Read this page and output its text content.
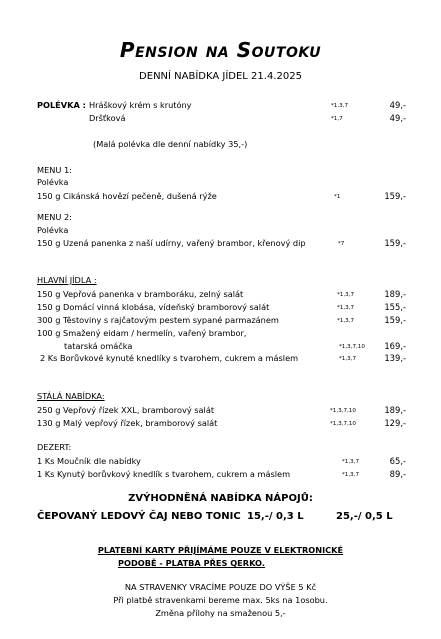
Pension na Soutoku
DENNÍ NABÍDKA JÍDEL 21.4.2025
POLÉVKA : Hráškový krém s krutóny	*1,3,7	49,-
Dršťková	*1,7	49,-
(Malá polévka dle denní nabídky 35,-)
MENU 1:
Polévka
150 g Cikánská hovězí pečeně, dušená rýže	*1	159,-
MENU 2:
Polévka
150 g Uzená panenka z naší udírny, vařený brambor, křenový dip	*7	159,-
HLAVNÍ JÍDLA :
150 g Vepřová panenka v bramboráku, zelný salát	*1,3,7	189,-
150 g Domácí vinná klobása, vídeňský bramborový salát	*1,3,7	155,-
300 g Těstoviny s rajčatovým pestem sypané parmazánem	*1,3,7	159,-
100 g Smažený eidam / hermelín, vařený brambor,
tatarská omáčka	*1,3,7,10	169,-
2 Ks Borůvkové kynuté knedlíky s tvarohem, cukrem a máslem	*1,3,7	139,-
STÁLÁ NABÍDKA:
250 g Vepřový řízek XXL, bramborový salát	*1,3,7,10	189,-
130 g Malý vepřový řízek, bramborový salát	*1,3,7,10	129,-
DEZERT:
1 Ks Moučník dle nabídky	*1,3,7	65,-
1 Ks Kynutý borůvkový knedlík s tvarohem, cukrem a máslem	*1,3,7	89,-
ZVÝHODNĚNÁ NABÍDKA NÁPOJŮ:
ČEPOVANÝ LEDOVÝ ČAJ NEBO TONIC 15,-/ 0,3 L	25,-/ 0,5 L
PLATEBNÍ KARTY PŘIJÍMÁME POUZE V ELEKTRONICKÉ
PODOBĚ - PLATBA PŘES QERKO.
NA STRAVENKY VRACÍME POUZE DO VÝŠE 5 Kč
Při platbě stravenkami bereme max. 5ks na 1osobu.
Změna přílohy na smaženou 5,-
